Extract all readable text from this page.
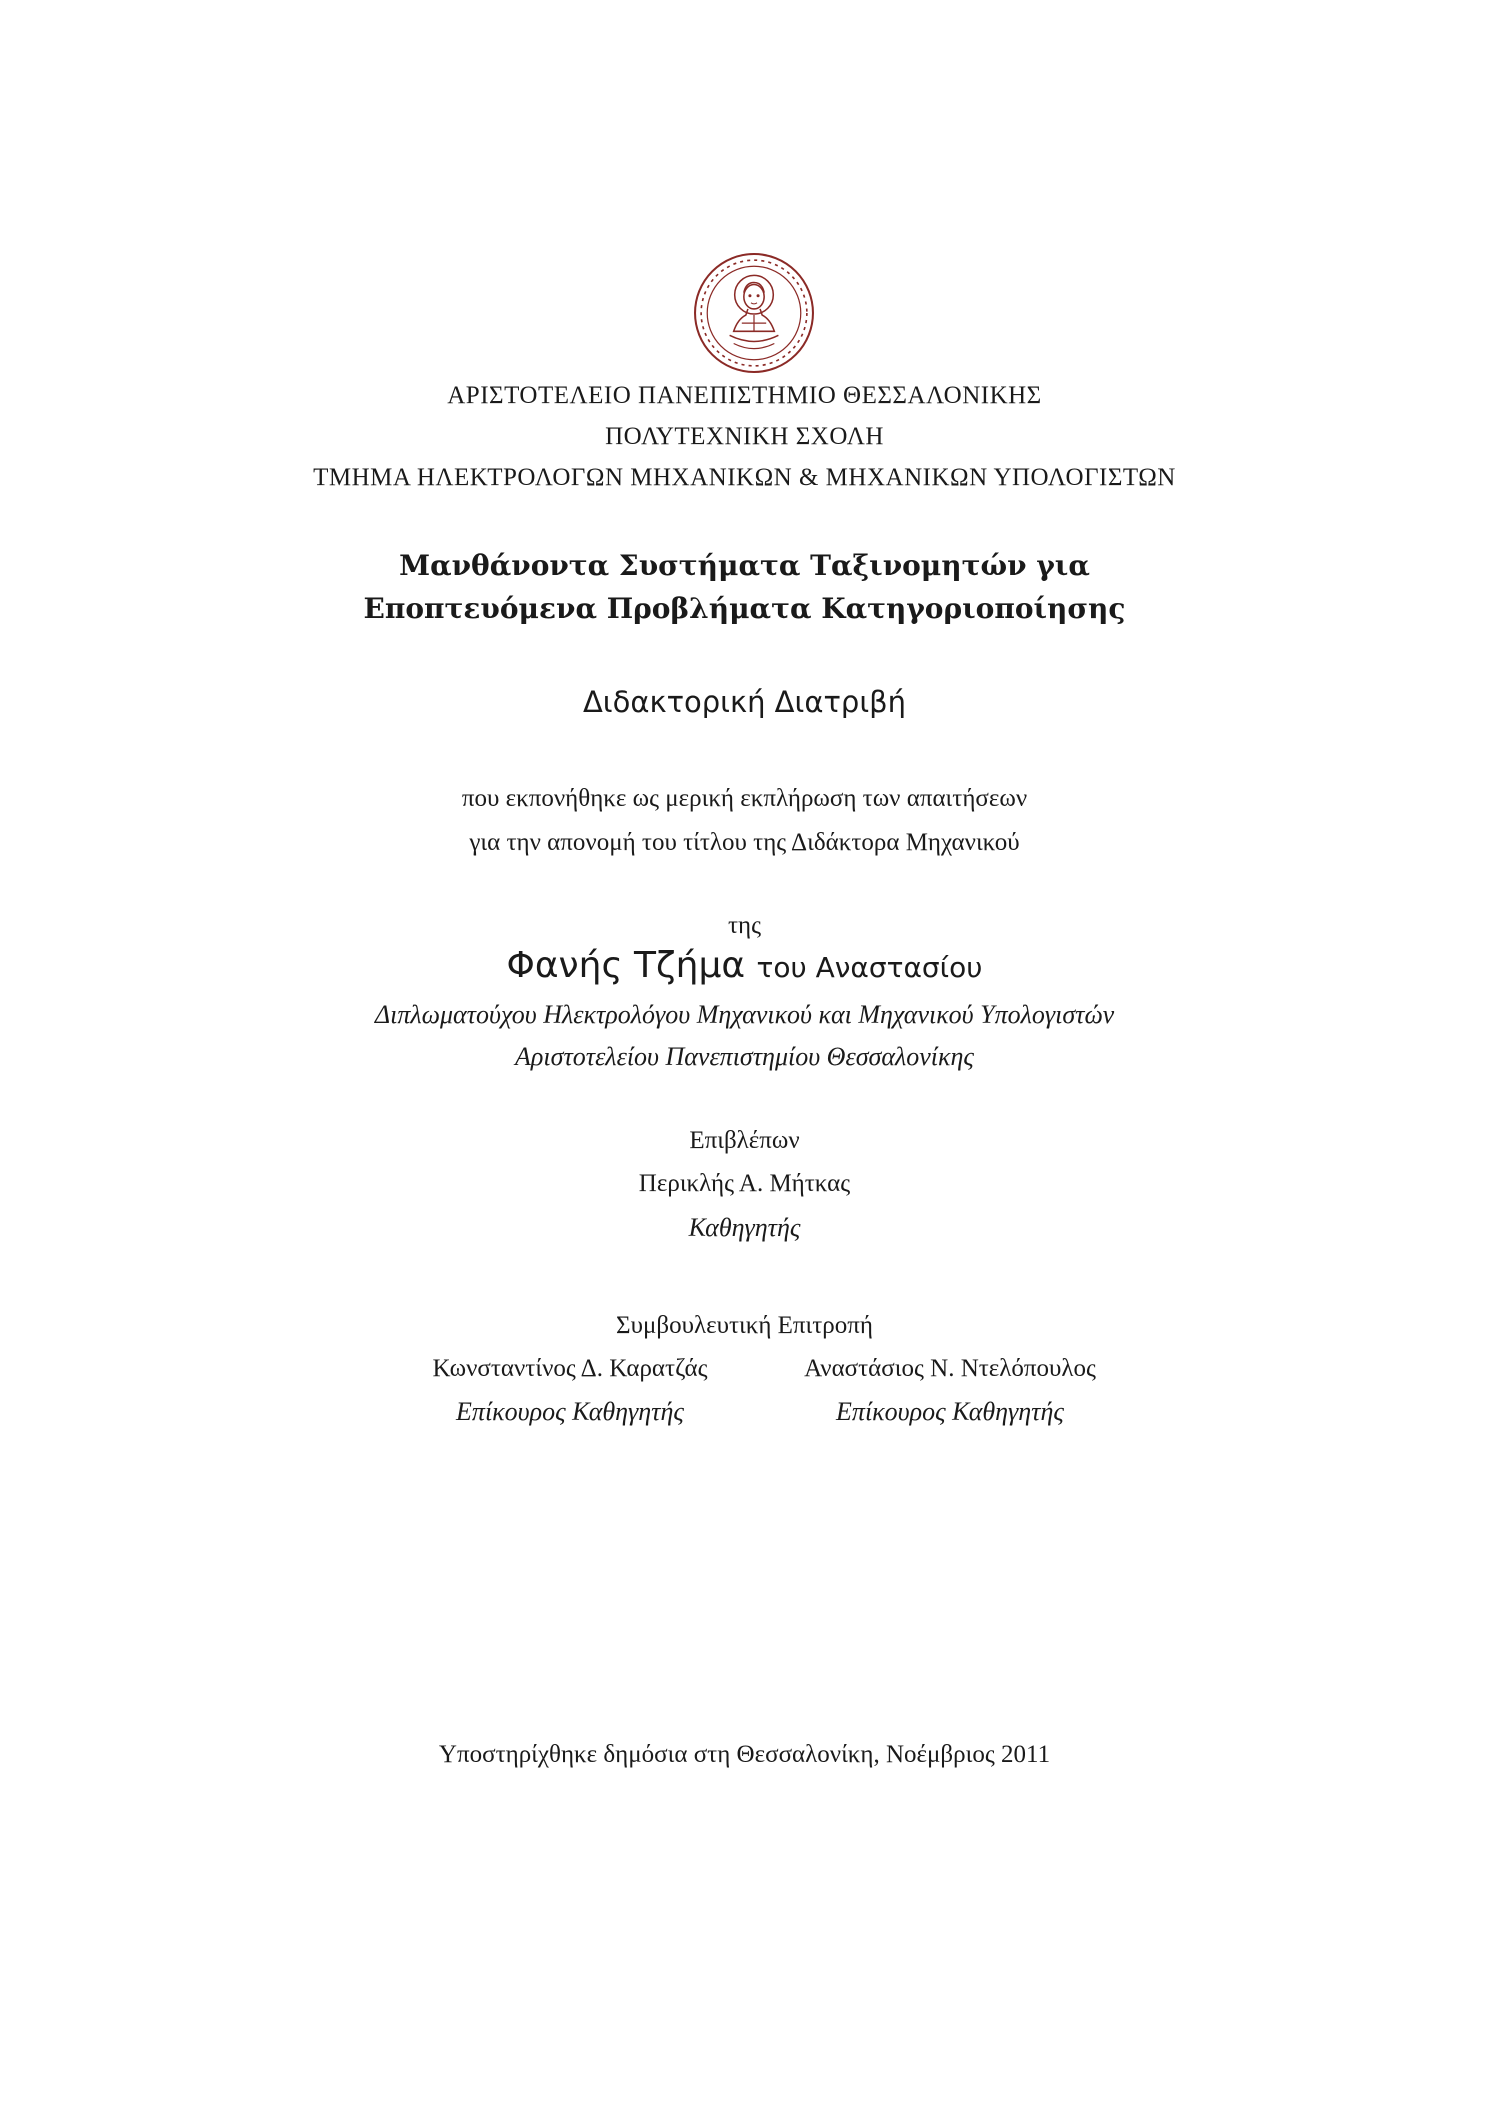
ΑΡΙΣΤΟΤΕΛΕΙΟ ΠΑΝΕΠΙΣΤΗΜΙΟ ΘΕΣΣΑΛΟΝΙΚΗΣ
ΠΟΛΥΤΕΧΝΙΚΗ ΣΧΟΛΗ
ΤΜΗΜΑ ΗΛΕΚΤΡΟΛΟΓΩΝ ΜΗΧΑΝΙΚΩΝ & ΜΗΧΑΝΙΚΩΝ ΥΠΟΛΟΓΙΣΤΩΝ
Μανθάνοντα Συστήματα Ταξινομητών για
Εποπτευόμενα Προβλήματα Κατηγοριοποίησης
Διδακτορική Διατριβή
που εκπονήθηκε ως μερική εκπλήρωση των απαιτήσεων
για την απονομή του τίτλου της Διδάκτορα Μηχανικού
της
Φανής Τζήμα του Αναστασίου
Διπλωματούχου Ηλεκτρολόγου Μηχανικού και Μηχανικού Υπολογιστών
Αριστοτελείου Πανεπιστημίου Θεσσαλονίκης
Επιβλέπων
Περικλής Α. Μήτκας
Καθηγητής
Συμβουλευτική Επιτροπή
Κωνσταντίνος Δ. Καρατζάς
Επίκουρος Καθηγητής
Αναστάσιος Ν. Ντελόπουλος
Επίκουρος Καθηγητής
Υποστηρίχθηκε δημόσια στη Θεσσαλονίκη, Νοέμβριος 2011
